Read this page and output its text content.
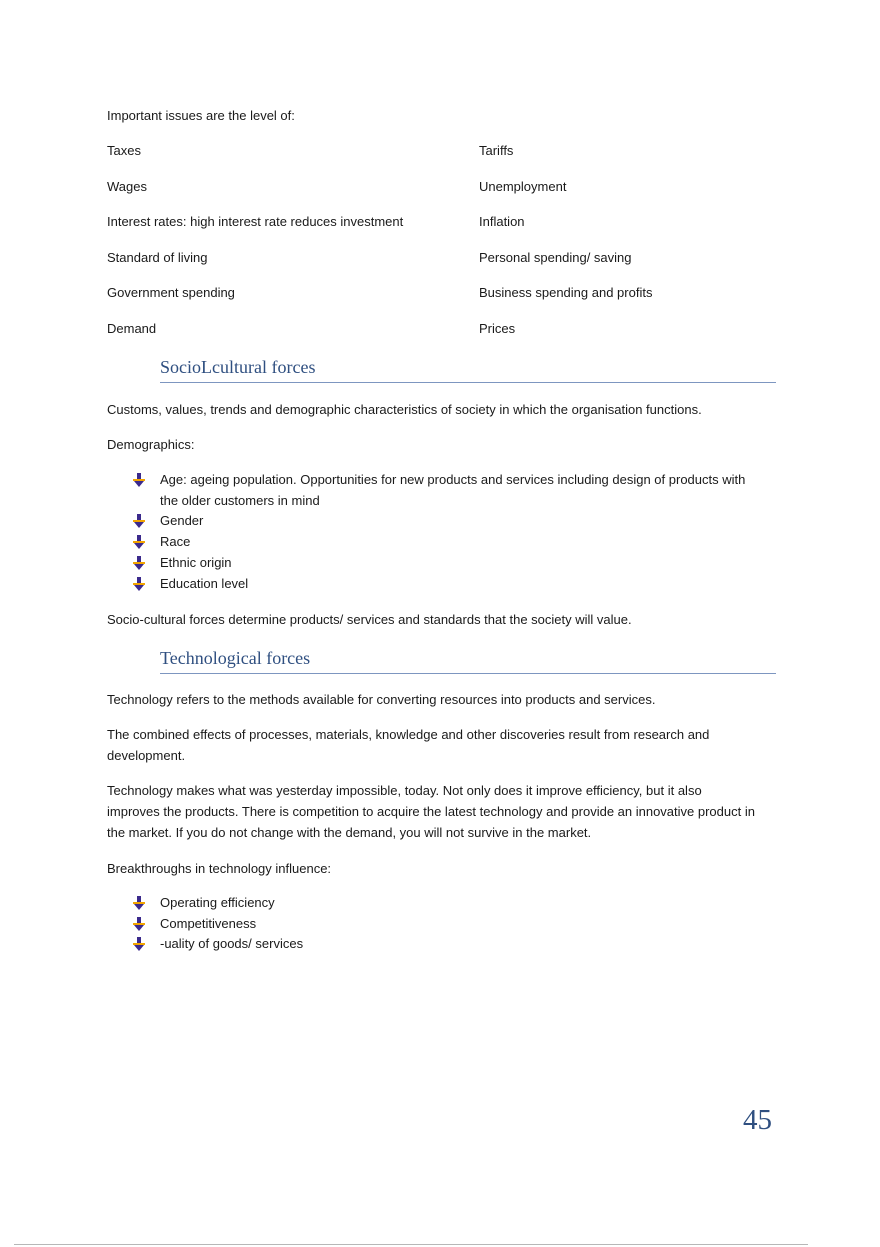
Important issues are the level of:
Taxes	Tariffs
Wages	Unemployment
Interest rates: high interest rate reduces investment	Inflation
Standard of living	Personal spending/ saving
Government spending	Business spending and profits
Demand	Prices
SocioLcultural forces
Customs, values, trends and demographic characteristics of society in which the organisation functions.
Demographics:
Age: ageing population. Opportunities for new products and services including design of products with the older customers in mind
Gender
Race
Ethnic origin
Education level
Socio-cultural forces determine products/ services and standards that the society will value.
Technological forces
Technology refers to the methods available for converting resources into products and services.
The combined effects of processes, materials, knowledge and other discoveries result from research and development.
Technology makes what was yesterday impossible, today. Not only does it improve efficiency, but it also improves the products. There is competition to acquire the latest technology and provide an innovative product in the market. If you do not change with the demand, you will not survive in the market.
Breakthroughs in technology influence:
Operating efficiency
Competitiveness
-uality of goods/ services
45
